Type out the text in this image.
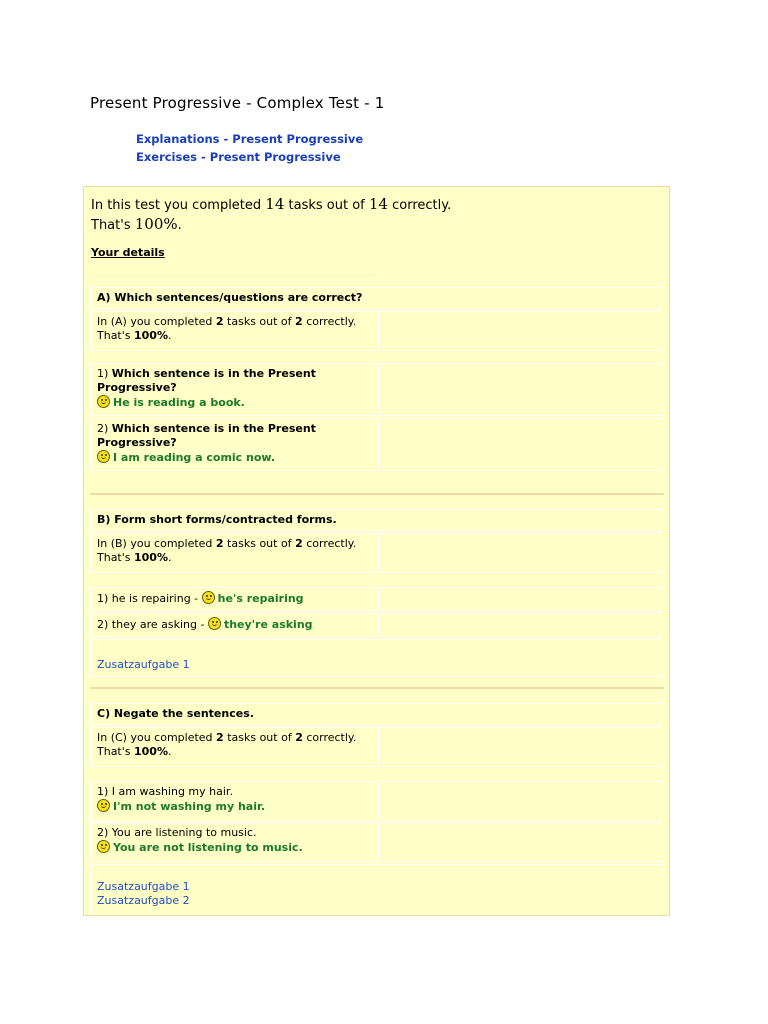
Present Progressive - Complex Test - 1
Explanations - Present Progressive
Exercises - Present Progressive
In this test you completed 14 tasks out of 14 correctly.
That's 100%.
Your details
A) Which sentences/questions are correct?
In (A) you completed 2 tasks out of 2 correctly.
That's 100%.
1) Which sentence is in the Present Progressive?
He is reading a book.
2) Which sentence is in the Present Progressive?
I am reading a comic now.
B) Form short forms/contracted forms.
In (B) you completed 2 tasks out of 2 correctly.
That's 100%.
1) he is repairing - he's repairing
2) they are asking - they're asking
Zusatzaufgabe 1
C) Negate the sentences.
In (C) you completed 2 tasks out of 2 correctly.
That's 100%.
1) I am washing my hair.
I'm not washing my hair.
2) You are listening to music.
You are not listening to music.
Zusatzaufgabe 1
Zusatzaufgabe 2
